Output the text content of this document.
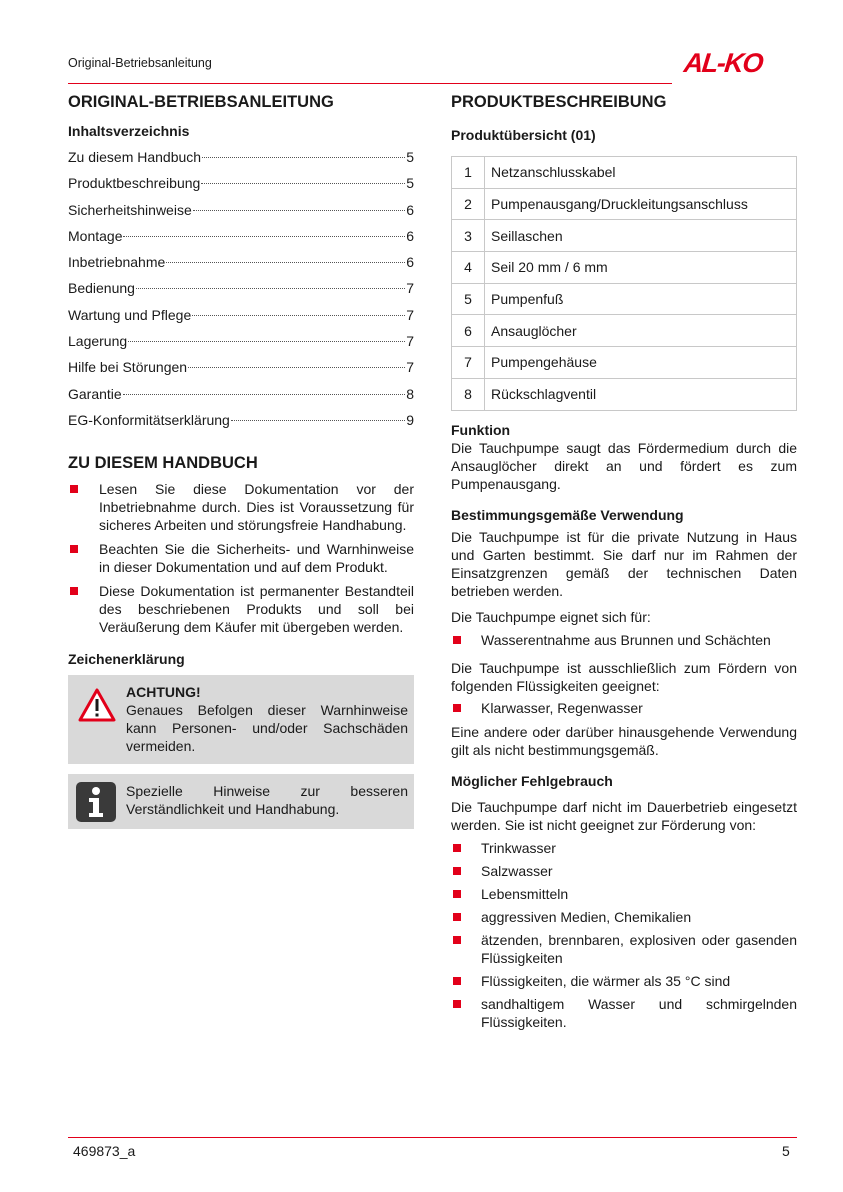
Original-Betriebsanleitung	AL-KO
ORIGINAL-BETRIEBSANLEITUNG
Inhaltsverzeichnis
Zu diesem Handbuch	5
Produktbeschreibung	5
Sicherheitshinweise	6
Montage	6
Inbetriebnahme	6
Bedienung	7
Wartung und Pflege	7
Lagerung	7
Hilfe bei Störungen	7
Garantie	8
EG-Konformitätserklärung	9
ZU DIESEM HANDBUCH
Lesen Sie diese Dokumentation vor der Inbetriebnahme durch. Dies ist Voraussetzung für sicheres Arbeiten und störungsfreie Handhabung.
Beachten Sie die Sicherheits- und Warnhinweise in dieser Dokumentation und auf dem Produkt.
Diese Dokumentation ist permanenter Bestandteil des beschriebenen Produkts und soll bei Veräußerung dem Käufer mit übergeben werden.
Zeichenerklärung
ACHTUNG!
Genaues Befolgen dieser Warnhinweise kann Personen- und/oder Sachschäden vermeiden.
Spezielle Hinweise zur besseren Verständlichkeit und Handhabung.
PRODUKTBESCHREIBUNG
Produktübersicht (01)
1	Netzanschlusskabel
2	Pumpenausgang/Druckleitungsanschluss
3	Seillaschen
4	Seil 20 mm / 6 mm
5	Pumpenfuß
6	Ansauglöcher
7	Pumpengehäuse
8	Rückschlagventil
Funktion

Die Tauchpumpe saugt das Fördermedium durch die Ansauglöcher direkt an und fördert es zum Pumpenausgang.

Bestimmungsgemäße Verwendung

Die Tauchpumpe ist für die private Nutzung in Haus und Garten bestimmt. Sie darf nur im Rahmen der Einsatzgrenzen gemäß der technischen Daten betrieben werden.

Die Tauchpumpe eignet sich für:

Wasserentnahme aus Brunnen und Schächten

Die Tauchpumpe ist ausschließlich zum Fördern von folgenden Flüssigkeiten geeignet:

Klarwasser, Regenwasser

Eine andere oder darüber hinausgehende Verwendung gilt als nicht bestimmungsgemäß.

Möglicher Fehlgebrauch

Die Tauchpumpe darf nicht im Dauerbetrieb eingesetzt werden. Sie ist nicht geeignet zur Förderung von:

Trinkwasser
Salzwasser
Lebensmitteln
aggressiven Medien, Chemikalien
ätzenden, brennbaren, explosiven oder gasenden Flüssigkeiten
Flüssigkeiten, die wärmer als 35 °C sind
sandhaltigem Wasser und schmirgelnden Flüssigkeiten.
469873_a	5
